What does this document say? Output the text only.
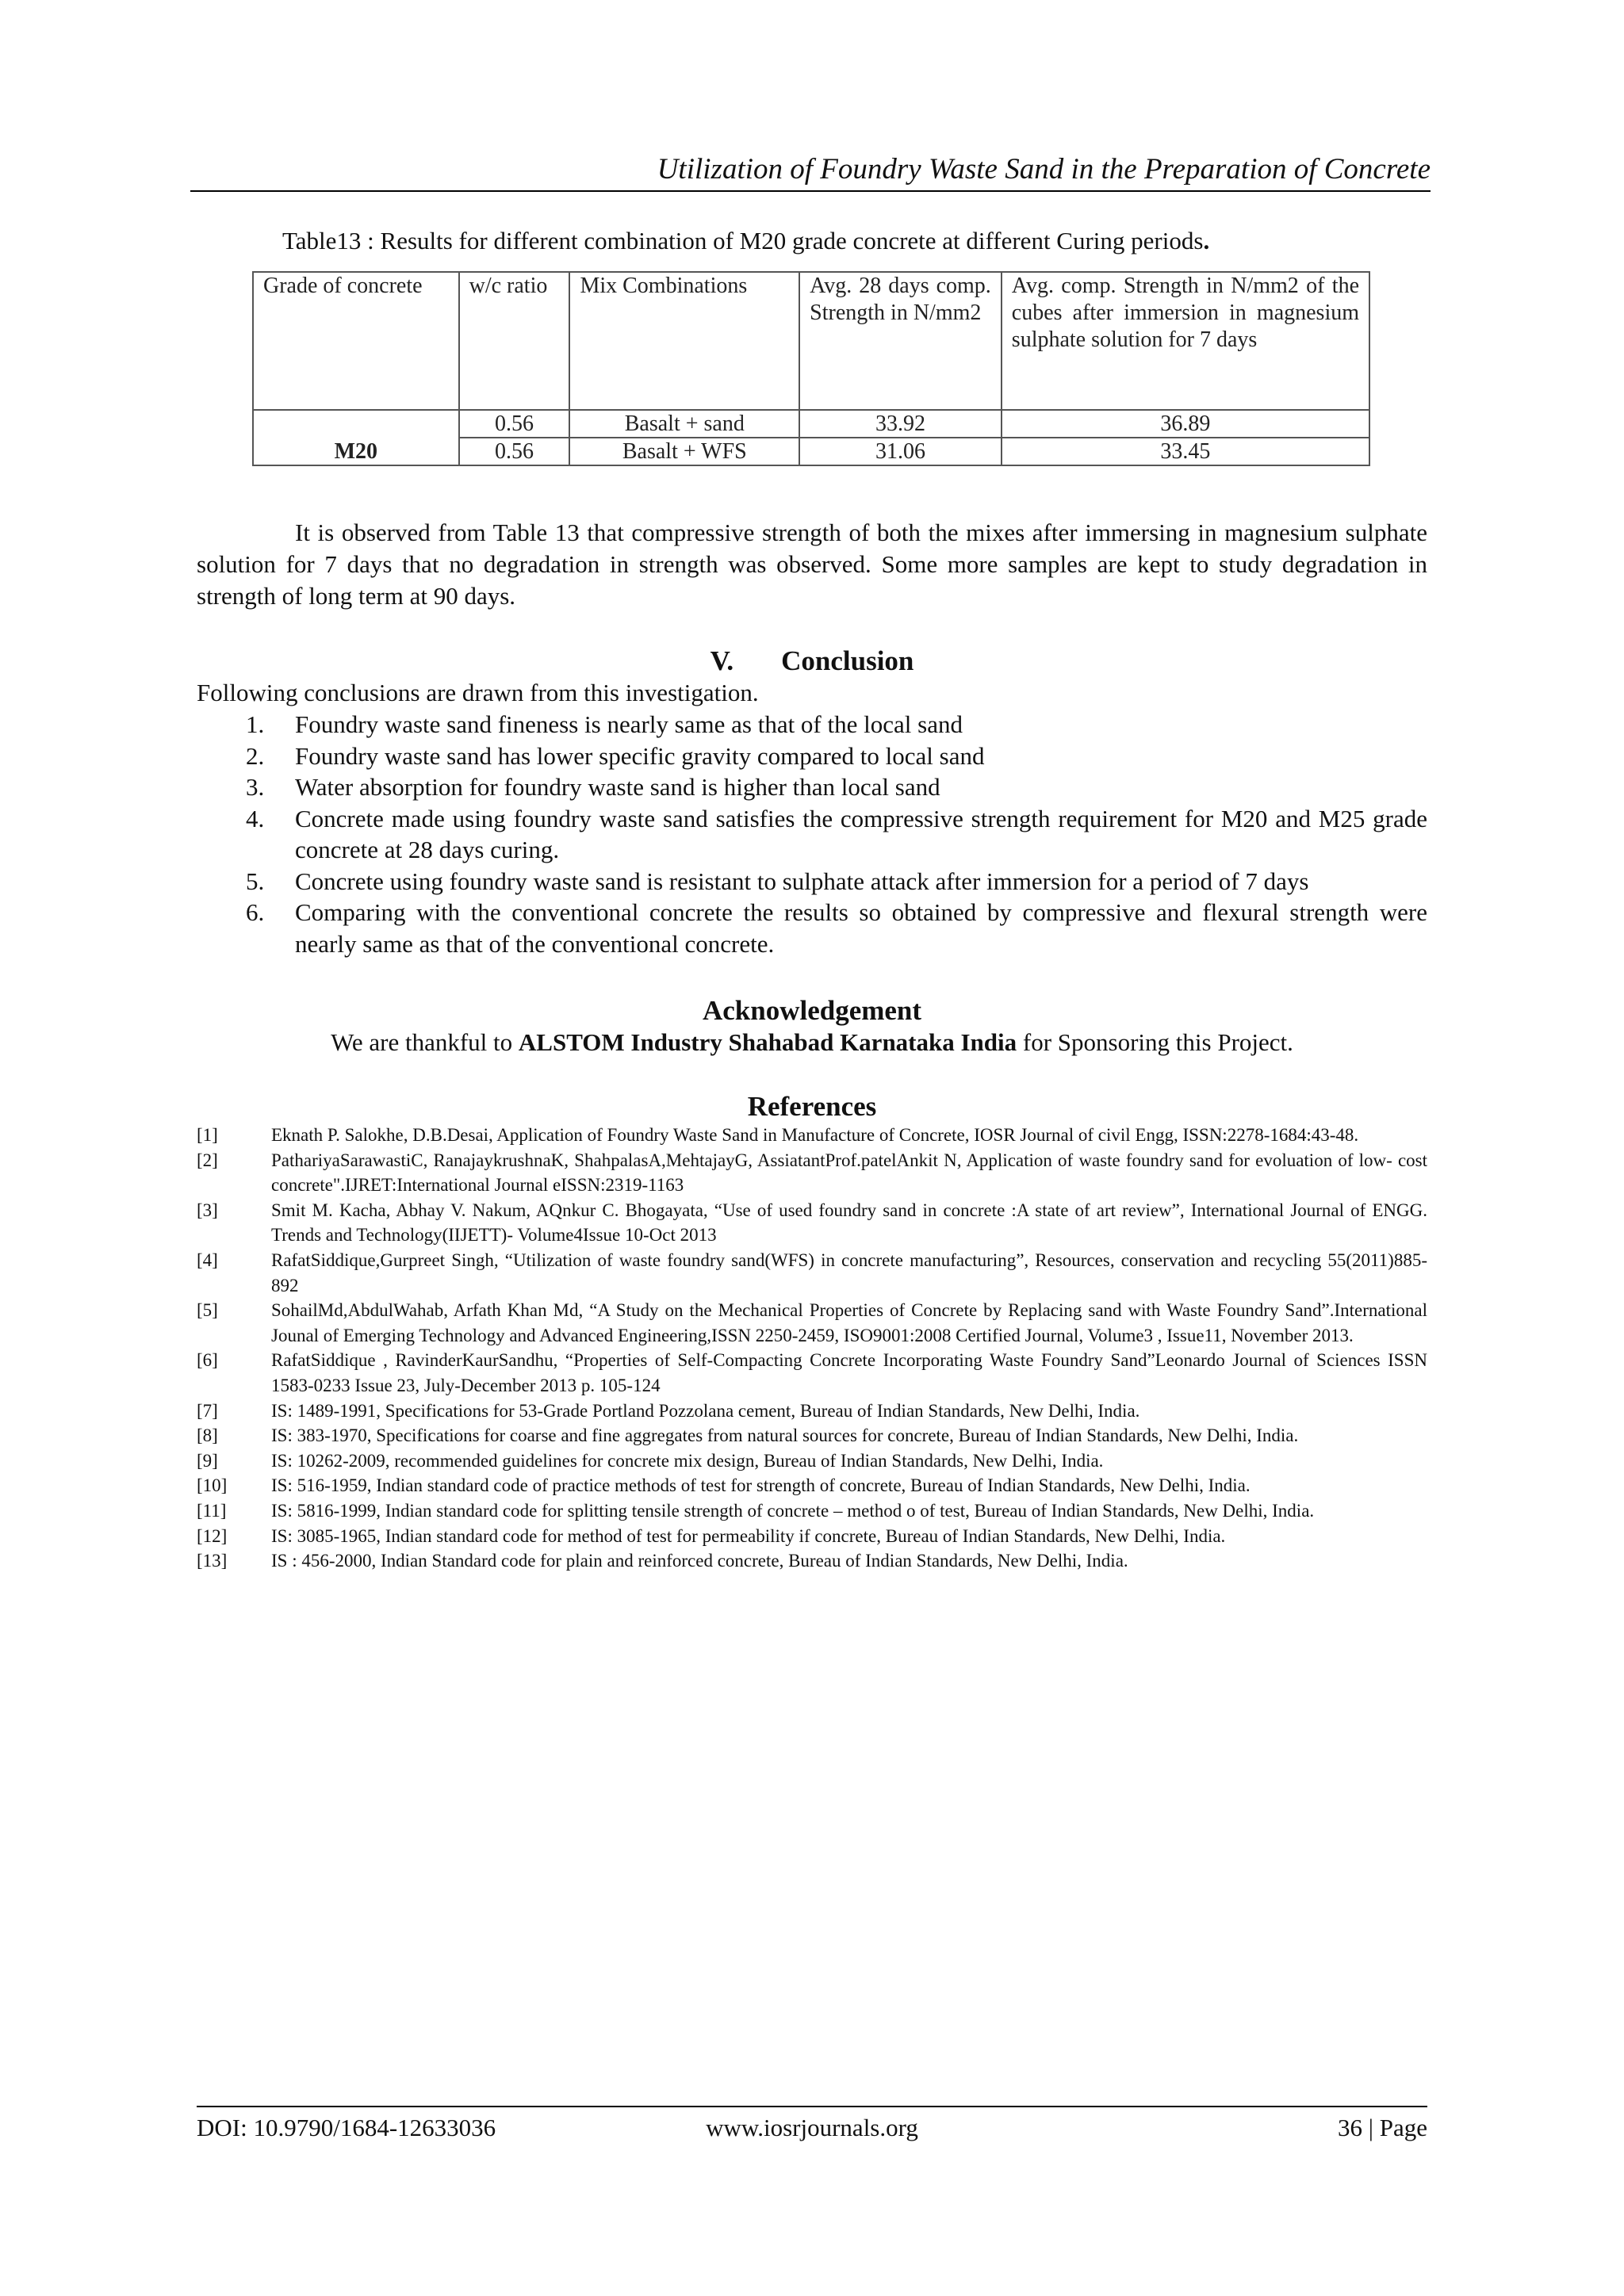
Utilization of Foundry Waste Sand in the Preparation of Concrete
Table13 : Results for different combination of M20 grade concrete at different Curing periods.
Grade of concrete	w/c ratio	Mix Combinations	Avg. 28 days comp. Strength in N/mm2	Avg. comp. Strength in N/mm2 of the cubes after immersion in magnesium sulphate solution for 7 days
M20	0.56	Basalt + sand	33.92	36.89
	0.56	Basalt + WFS	31.06	33.45

It is observed from Table 13 that compressive strength of both the mixes after immersing in magnesium sulphate solution for 7 days that no degradation in strength was observed. Some more samples are kept to study degradation in strength of long term at 90 days.

V. Conclusion
Following conclusions are drawn from this investigation.
1. Foundry waste sand fineness is nearly same as that of the local sand
2. Foundry waste sand has lower specific gravity compared to local sand
3. Water absorption for foundry waste sand is higher than local sand
4. Concrete made using foundry waste sand satisfies the compressive strength requirement for M20 and M25 grade concrete at 28 days curing.
5. Concrete using foundry waste sand is resistant to sulphate attack after immersion for a period of 7 days
6. Comparing with the conventional concrete the results so obtained by compressive and flexural strength were nearly same as that of the conventional concrete.
Acknowledgement
We are thankful to ALSTOM Industry Shahabad Karnataka India for Sponsoring this Project.
References
[1]	Eknath P. Salokhe, D.B.Desai, Application of Foundry Waste Sand in Manufacture of Concrete, IOSR Journal of civil Engg, ISSN:2278-1684:43-48.
[2]	PathariyaSarawastiC, RanajaykrushnaK, ShahpalasA,MehtajayG, AssiatantProf.patelAnkit N, Application of waste foundry sand for evoluation of low- cost concrete".IJRET:International Journal eISSN:2319-1163
[3]	Smit M. Kacha, Abhay V. Nakum, AQnkur C. Bhogayata, “Use of used foundry sand in concrete :A state of art review”, International Journal of ENGG. Trends and Technology(IIJETT)- Volume4Issue 10-Oct 2013
[4]	RafatSiddique,Gurpreet Singh, “Utilization of waste foundry sand(WFS) in concrete manufacturing”, Resources, conservation and recycling 55(2011)885-892
[5]	SohailMd,AbdulWahab, Arfath Khan Md, “A Study on the Mechanical Properties of Concrete by Replacing sand with Waste Foundry Sand”.International Jounal of Emerging Technology and Advanced Engineering,ISSN 2250-2459, ISO9001:2008 Certified Journal, Volume3 , Issue11, November 2013.
[6]	RafatSiddique , RavinderKaurSandhu, “Properties of Self-Compacting Concrete Incorporating Waste Foundry Sand”Leonardo Journal of Sciences ISSN 1583-0233 Issue 23, July-December 2013 p. 105-124
[7]	IS: 1489-1991, Specifications for 53-Grade Portland Pozzolana cement, Bureau of Indian Standards, New Delhi, India.
[8]	IS: 383-1970, Specifications for coarse and fine aggregates from natural sources for concrete, Bureau of Indian Standards, New Delhi, India.
[9]	IS: 10262-2009, recommended guidelines for concrete mix design, Bureau of Indian Standards, New Delhi, India.
[10] IS: 516-1959, Indian standard code of practice methods of test for strength of concrete, Bureau of Indian Standards, New Delhi, India.
[11] IS: 5816-1999, Indian standard code for splitting tensile strength of concrete – method o of test, Bureau of Indian Standards, New Delhi, India.
[12] IS: 3085-1965, Indian standard code for method of test for permeability if concrete, Bureau of Indian Standards, New Delhi, India.
[13] IS : 456-2000, Indian Standard code for plain and reinforced concrete, Bureau of Indian Standards, New Delhi, India.
DOI: 10.9790/1684-12633036	www.iosrjournals.org	36 | Page
